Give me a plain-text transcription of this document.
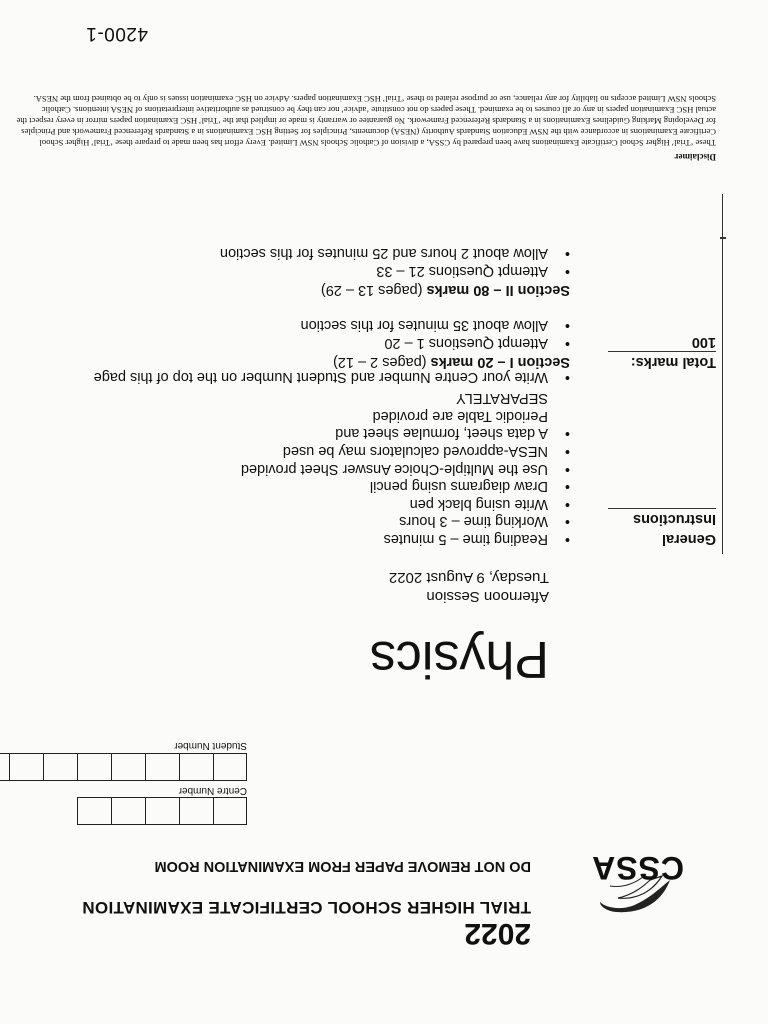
CSSA
2022
TRIAL HIGHER SCHOOL CERTIFICATE EXAMINATION
DO NOT REMOVE PAPER FROM EXAMINATION ROOM
Centre Number
Student Number
Physics
Afternoon Session
Tuesday, 9 August 2022
General
Instructions
• Reading time – 5 minutes
• Working time – 3 hours
• Write using black pen
• Draw diagrams using pencil
• Use the Multiple-Choice Answer Sheet provided
• NESA-approved calculators may be used
• A data sheet, formulae sheet and Periodic Table are provided SEPARATELY
• Write your Centre Number and Student Number on the top of this page
Total marks:
100
Section I – 20 marks (pages 2 – 12)
• Attempt Questions 1 – 20
• Allow about 35 minutes for this section
Section II – 80 marks (pages 13 – 29)
• Attempt Questions 21 – 33
• Allow about 2 hours and 25 minutes for this section
Disclaimer
These ‘Trial’ Higher School Certificate Examinations have been prepared by CSSA, a division of Catholic Schools NSW Limited. Every effort has been made to prepare these ‘Trial’ Higher School Certificate Examinations in accordance with the NSW Education Standards Authority (NESA) documents, Principles for Setting HSC Examinations in a Standards Referenced Framework and Principles for Developing Marking Guidelines Examinations in a Standards Referenced Framework. No guarantee or warranty is made or implied that the ‘Trial’ HSC Examination papers mirror in every respect the actual HSC Examination papers in any or all courses to be examined. These papers do not constitute ‘advice’ nor can they be construed as authoritative interpretations of NESA intentions. Catholic Schools NSW Limited accepts no liability for any reliance, use or purpose related to these ‘Trial’ HSC Examination papers. Advice on HSC examination issues is only to be obtained from the NESA.
4200-1
